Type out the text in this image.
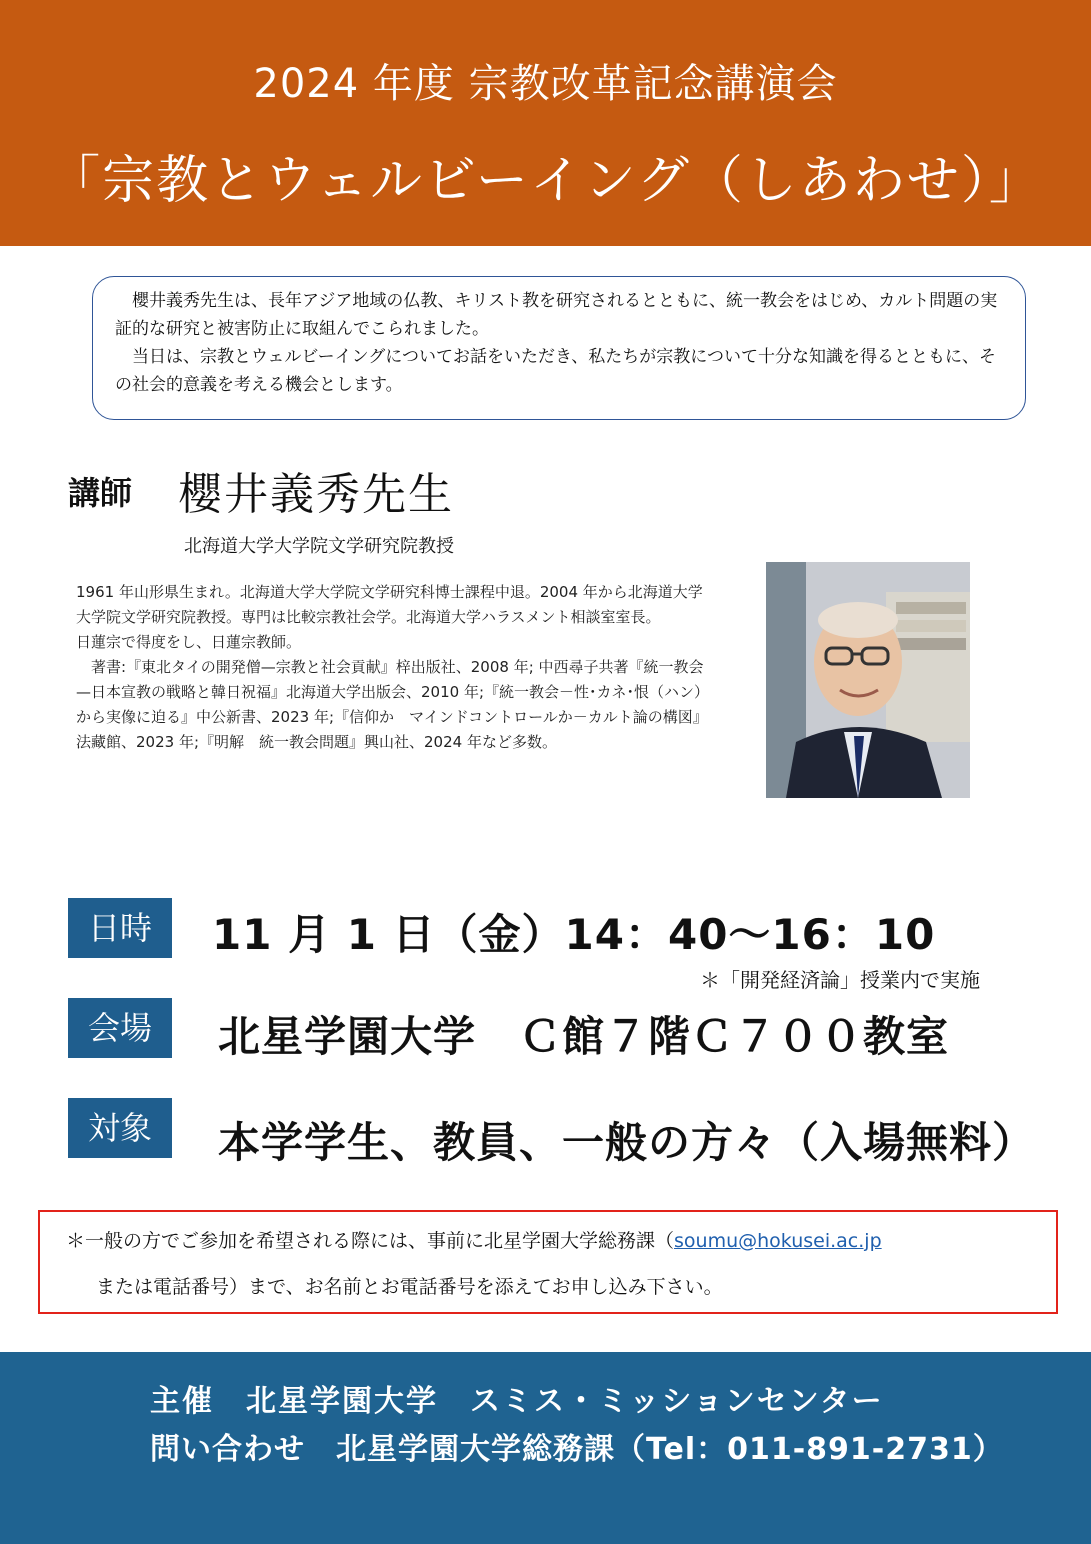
2024 年度 宗教改革記念講演会
「宗教とウェルビーイング（しあわせ）」

櫻井義秀先生は、長年アジア地域の仏教、キリスト教を研究されるとともに、統一教会をはじめ、カルト問題の実証的な研究と被害防止に取組んでこられました。

当日は、宗教とウェルビーイングについてお話をいただき、私たちが宗教について十分な知識を得るとともに、その社会的意義を考える機会とします。

講師 櫻井義秀先生
北海道大学大学院文学研究院教授

1961 年山形県生まれ。北海道大学大学院文学研究科博士課程中退。2004 年から北海道大学大学院文学研究院教授。専門は比較宗教社会学。北海道大学ハラスメント相談室室長。

日蓮宗で得度をし、日蓮宗教師。

著書:『東北タイの開発僧—宗教と社会貢献』梓出版社、2008 年; 中西尋子共著『統一教会—日本宣教の戦略と韓日祝福』北海道大学出版会、2010 年;『統一教会－性･カネ･恨（ハン）から実像に迫る』中公新書、2023 年;『信仰か　マインドコントロールか－カルト論の構図』法藏館、2023 年;『明解　統一教会問題』興山社、2024 年など多数。

日時	11 月 1 日（金）14：40～16：10
＊「開発経済論」授業内で実施
会場	北星学園大学　Ｃ館７階Ｃ７００教室
対象	本学学生、教員、一般の方々（入場無料）
＊一般の方でご参加を希望される際には、事前に北星学園大学総務課（soumu@hokusei.ac.jp
または電話番号）まで、お名前とお電話番号を添えてお申し込み下さい。
主催　北星学園大学　スミス・ミッションセンター
問い合わせ　北星学園大学総務課（Tel：011-891-2731）
